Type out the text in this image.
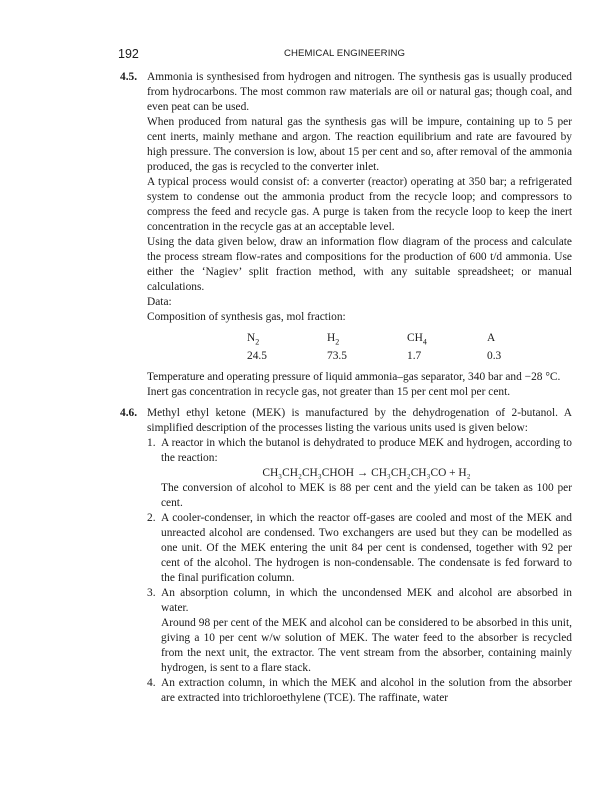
192	CHEMICAL ENGINEERING
4.5. Ammonia is synthesised from hydrogen and nitrogen. The synthesis gas is usually produced from hydrocarbons. The most common raw materials are oil or natural gas; though coal, and even peat can be used.

When produced from natural gas the synthesis gas will be impure, containing up to 5 per cent inerts, mainly methane and argon. The reaction equilibrium and rate are favoured by high pressure. The conversion is low, about 15 per cent and so, after removal of the ammonia produced, the gas is recycled to the converter inlet.

A typical process would consist of: a converter (reactor) operating at 350 bar; a refrigerated system to condense out the ammonia product from the recycle loop; and compressors to compress the feed and recycle gas. A purge is taken from the recycle loop to keep the inert concentration in the recycle gas at an acceptable level.

Using the data given below, draw an information flow diagram of the process and calculate the process stream flow-rates and compositions for the production of 600 t/d ammonia. Use either the ‘Nagiev’ split fraction method, with any suitable spreadsheet; or manual calculations.

Data:

Composition of synthesis gas, mol fraction:

$N_2$	$H_2$	$CH_4$	A
24.5	73.5	1.7	0.3

Temperature and operating pressure of liquid ammonia–gas separator, 340 bar and −28 °C.

Inert gas concentration in recycle gas, not greater than 15 per cent mol per cent.

4.6. Methyl ethyl ketone (MEK) is manufactured by the dehydrogenation of 2-butanol. A simplified description of the processes listing the various units used is given below:

1. A reactor in which the butanol is dehydrated to produce MEK and hydrogen, according to the reaction:

CH₃CH₂CH₃CHOH → CH₃CH₂CH₃CO + H₂

The conversion of alcohol to MEK is 88 per cent and the yield can be taken as 100 per cent.

2. A cooler-condenser, in which the reactor off-gases are cooled and most of the MEK and unreacted alcohol are condensed. Two exchangers are used but they can be modelled as one unit. Of the MEK entering the unit 84 per cent is condensed, together with 92 per cent of the alcohol. The hydrogen is non-condensable. The condensate is fed forward to the final purification column.

3. An absorption column, in which the uncondensed MEK and alcohol are absorbed in water.

Around 98 per cent of the MEK and alcohol can be considered to be absorbed in this unit, giving a 10 per cent w/w solution of MEK. The water feed to the absorber is recycled from the next unit, the extractor. The vent stream from the absorber, containing mainly hydrogen, is sent to a flare stack.

4. An extraction column, in which the MEK and alcohol in the solution from the absorber are extracted into trichloroethylene (TCE). The raffinate, water
